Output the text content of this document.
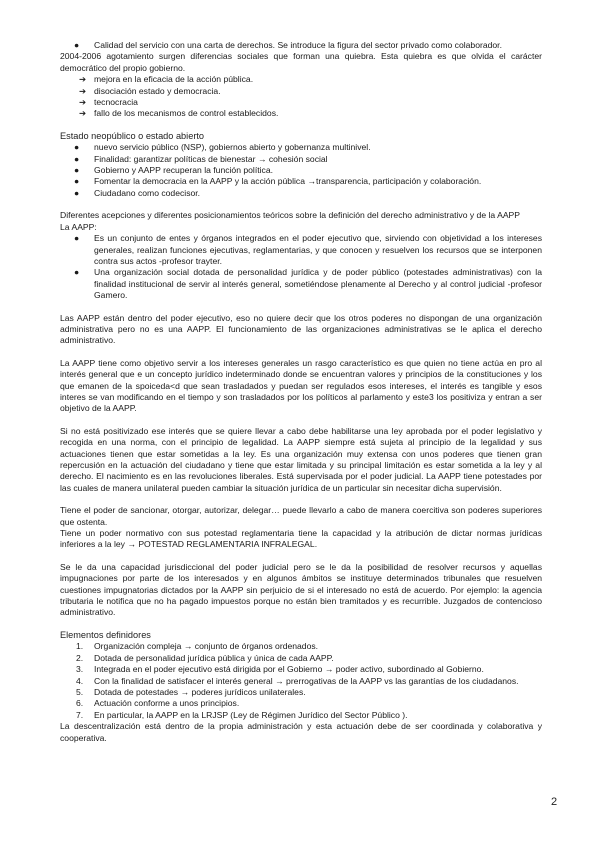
● Calidad del servicio con una carta de derechos. Se introduce la figura del sector privado como colaborador.

2004-2006 agotamiento surgen diferencias sociales que forman una quiebra. Esta quiebra es que olvida el carácter democrático del propio gobierno.

➔ mejora en la eficacia de la acción pública.
➔ disociación estado y democracia.
➔ tecnocracia
➔ fallo de los mecanismos de control establecidos.

Estado neopúblico o estado abierto

● nuevo servicio público (NSP), gobiernos abierto y gobernanza multinivel.
● Finalidad: garantizar políticas de bienestar → cohesión social
● Gobierno y AAPP recuperan la función política.
● Fomentar la democracia en la AAPP y la acción pública →transparencia, participación y colaboración.
● Ciudadano como codecisor.

Diferentes acepciones y diferentes posicionamientos teóricos sobre la definición del derecho administrativo y de la AAPP

La AAPP:

● Es un conjunto de entes y órganos integrados en el poder ejecutivo que, sirviendo con objetividad a los intereses generales, realizan funciones ejecutivas, reglamentarias, y que conocen y resuelven los recursos que se interponen contra sus actos -profesor trayter.
● Una organización social dotada de personalidad jurídica y de poder público (potestades administrativas) con la finalidad institucional de servir al interés general, sometiéndose plenamente al Derecho y al control judicial -profesor Gamero.

Las AAPP están dentro del poder ejecutivo, eso no quiere decir que los otros poderes no dispongan de una organización administrativa pero no es una AAPP. El funcionamiento de las organizaciones administrativas se le aplica el derecho administrativo.

La AAPP tiene como objetivo servir a los intereses generales un rasgo característico es que quien no tiene actúa en pro al interés general que e un concepto jurídico indeterminado donde se encuentran valores y principios de la constituciones y los que emanen de la spoiceda<d que sean trasladados y puedan ser regulados esos intereses, el interés es tangible y esos interes se van modificando en el tiempo y son trasladados por los políticos al parlamento y este3 los positiviza y entran a ser objetivo de la AAPP.

Si no está positivizado ese interés que se quiere llevar a cabo debe habilitarse una ley aprobada por el poder legislativo y recogida en una norma, con el principio de legalidad. La AAPP siempre está sujeta al principio de la legalidad y sus actuaciones tienen que estar sometidas a la ley. Es una organización muy extensa con unos poderes que tienen gran repercusión en la actuación del ciudadano y tiene que estar limitada y su principal limitación es estar sometida a la ley y al derecho. El nacimiento es en las revoluciones liberales. Está supervisada por el poder judicial. La AAPP tiene potestades por las cuales de manera unilateral pueden cambiar la situación jurídica de un particular sin necesitar dicha supervisión.

Tiene el poder de sancionar, otorgar, autorizar, delegar… puede llevarlo a cabo de manera coercitiva son poderes superiores que ostenta.

Tiene un poder normativo con sus potestad reglamentaria tiene la capacidad y la atribución de dictar normas jurídicas inferiores a la ley → POTESTAD REGLAMENTARIA INFRALEGAL.

Se le da una capacidad jurisdiccional del poder judicial pero se le da la posibilidad de resolver recursos y aquellas impugnaciones por parte de los interesados y en algunos ámbitos se instituye determinados tribunales que resuelven cuestiones impugnatorias dictados por la AAPP sin perjuicio de si el interesado no está de acuerdo. Por ejemplo: la agencia tributaria le notifica que no ha pagado impuestos porque no están bien tramitados y es recurrible. Juzgados de contencioso administrativo.

Elementos definidores

1. Organización compleja → conjunto de órganos ordenados.
2. Dotada de personalidad jurídica pública y única de cada AAPP.
3. Integrada en el poder ejecutivo está dirigida por el Gobierno → poder activo, subordinado al Gobierno.
4. Con la finalidad de satisfacer el interés general → prerrogativas de la AAPP vs las garantías de los ciudadanos.
5. Dotada de potestades → poderes jurídicos unilaterales.
6. Actuación conforme a unos principios.
7. En particular, la AAPP en la LRJSP (Ley de Régimen Jurídico del Sector Público ).

La descentralización está dentro de la propia administración y esta actuación debe de ser coordinada y colaborativa y cooperativa.

2
